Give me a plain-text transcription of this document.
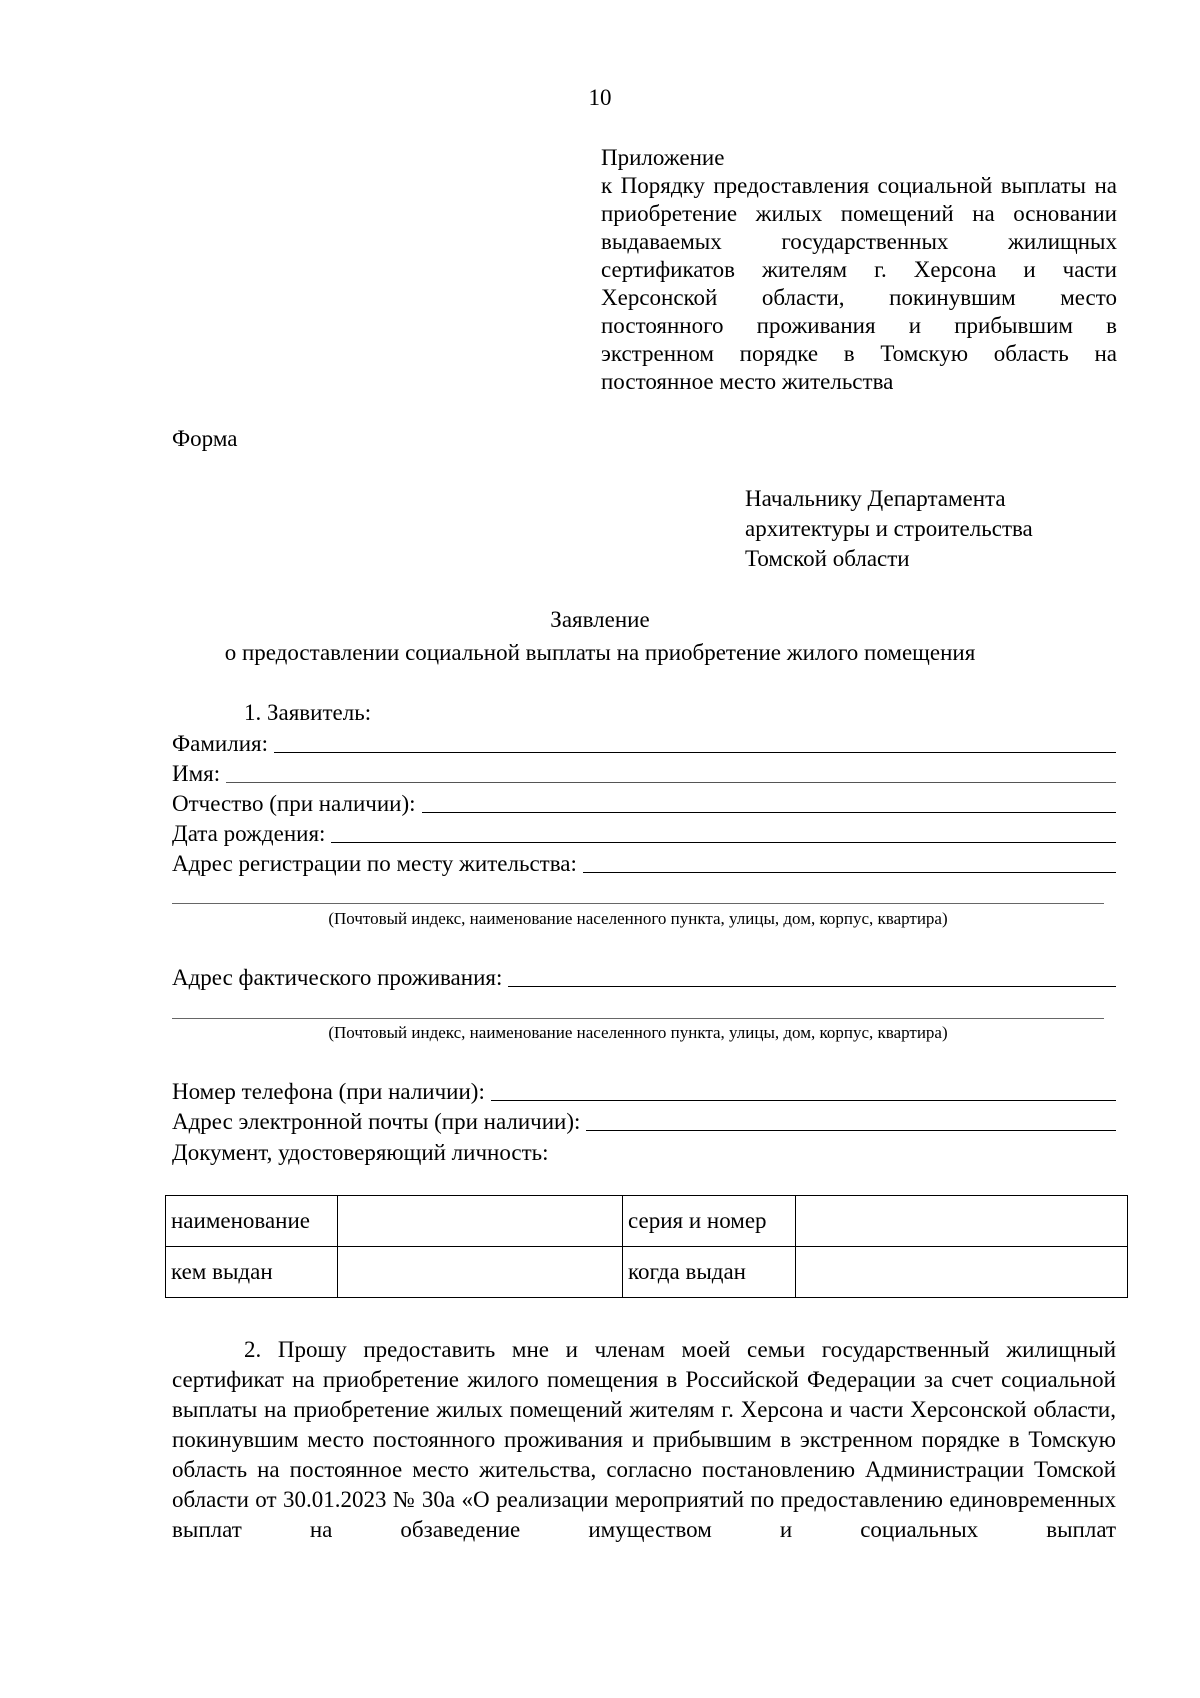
10
Приложение
к Порядку предоставления социальной выплаты на приобретение жилых помещений на основании выдаваемых государственных жилищных сертификатов жителям г. Херсона и части Херсонской области, покинувшим место постоянного проживания и прибывшим в экстренном порядке в Томскую область на постоянное место жительства
Форма
Начальнику Департамента
архитектуры и строительства
Томской области
Заявление
о предоставлении социальной выплаты на приобретение жилого помещения
1. Заявитель:
Фамилия:
Имя:
Отчество (при наличии):
Дата рождения:
Адрес регистрации по месту жительства:
(Почтовый индекс, наименование населенного пункта, улицы, дом, корпус, квартира)
Адрес фактического проживания:
(Почтовый индекс, наименование населенного пункта, улицы, дом, корпус, квартира)
Номер телефона (при наличии):
Адрес электронной почты (при наличии):
Документ, удостоверяющий личность:
наименование		серия и номер	
кем выдан		когда выдан	
2. Прошу предоставить мне и членам моей семьи государственный жилищный сертификат на приобретение жилого помещения в Российской Федерации за счет социальной выплаты на приобретение жилых помещений жителям г. Херсона и части Херсонской области, покинувшим место постоянного проживания и прибывшим в экстренном порядке в Томскую область на постоянное место жительства, согласно постановлению Администрации Томской области от 30.01.2023 № 30а «О реализации мероприятий по предоставлению единовременных выплат на обзаведение имуществом и социальных выплат
